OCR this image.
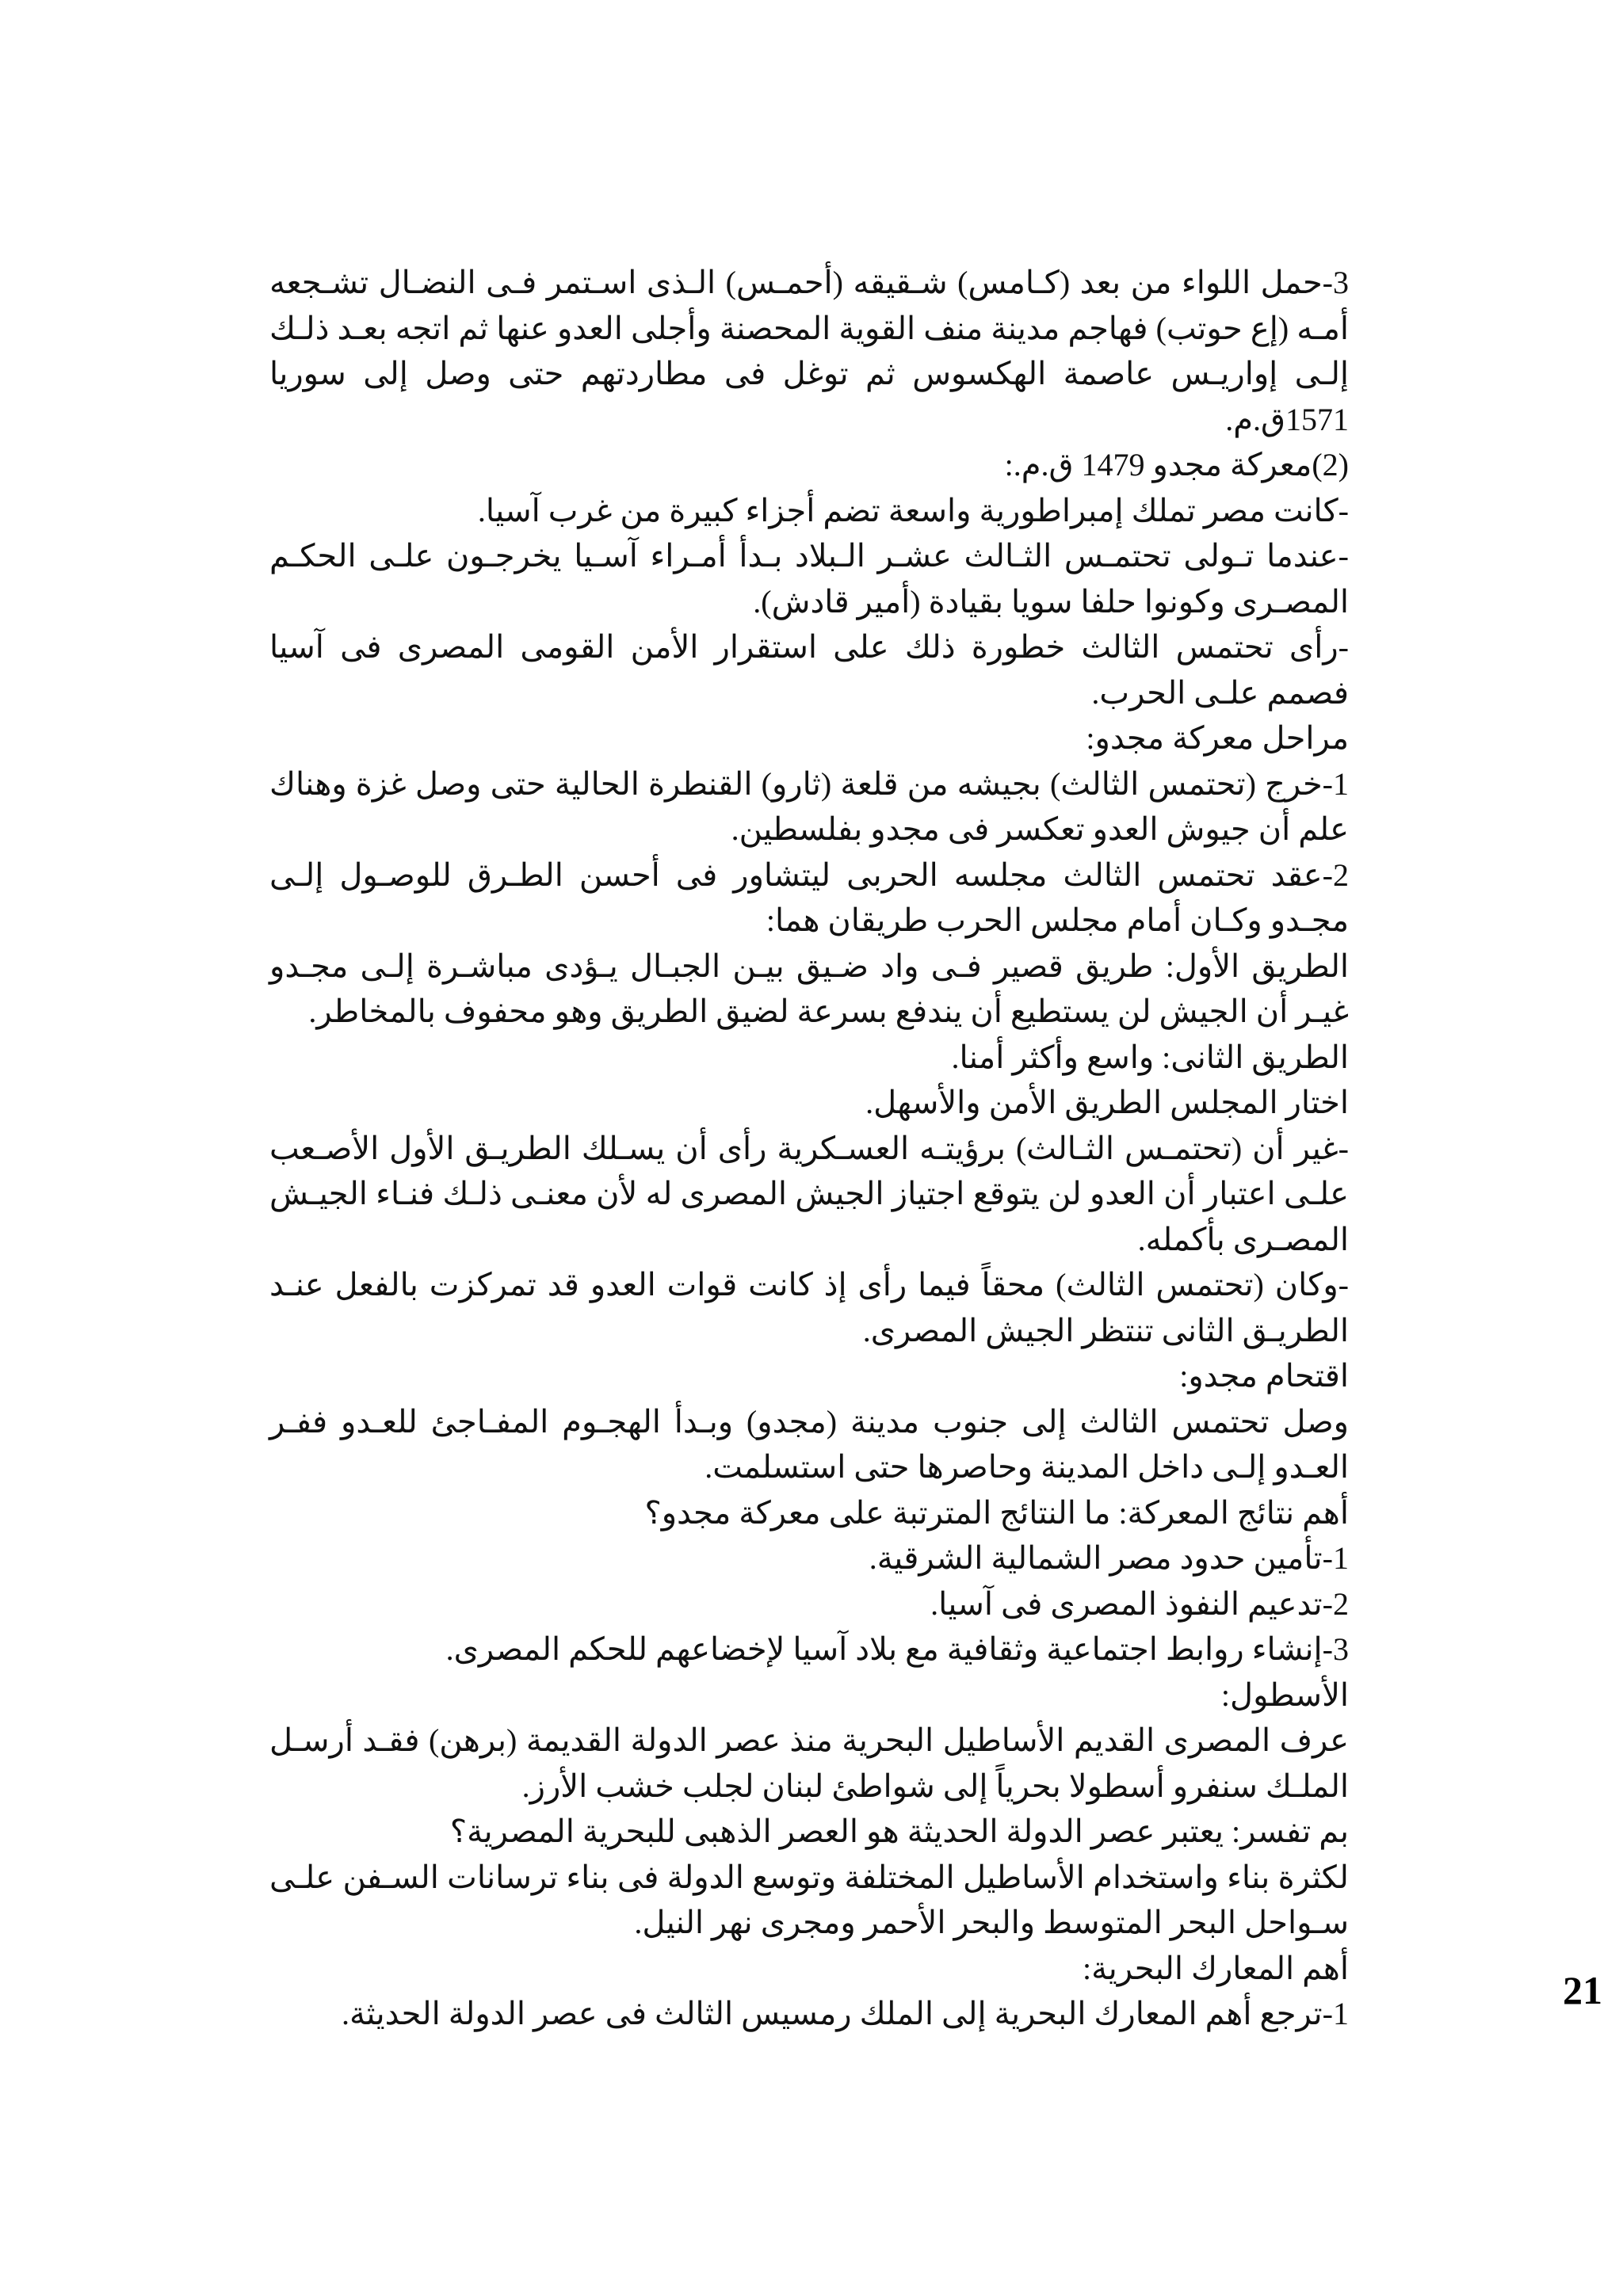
3-حمل اللواء من بعد (كـامس) شـقيقه (أحمـس) الـذى اسـتمر فـى النضـال تشـجعه أمـه (إع حوتب) فهاجم مدينة منف القوية المحصنة وأجلى العدو عنها ثم اتجه بعـد ذلـك إلـى إواريـس عاصمة الهكسوس ثم توغل فى مطاردتهم حتى وصل إلى سوريا 1571ق.م.

(2)معركة مجدو 1479 ق.م.:

-كانت مصر تملك إمبراطورية واسعة تضم أجزاء كبيرة من غرب آسيا.

-عندما تـولى تحتمـس الثـالث عشـر الـبلاد بـدأ أمـراء آسـيا يخرجـون علـى الحكـم المصـرى وكونوا حلفا سويا بقيادة (أمير قادش).

-رأى تحتمس الثالث خطورة ذلك على استقرار الأمن القومى المصرى فى آسيا فصمم علـى الحرب.

مراحل معركة مجدو:

1-خرج (تحتمس الثالث) بجيشه من قلعة (ثارو) القنطرة الحالية حتى وصل غزة وهناك علم أن جيوش العدو تعكسر فى مجدو بفلسطين.

2-عقد تحتمس الثالث مجلسه الحربى ليتشاور فى أحسن الطـرق للوصـول إلـى مجـدو وكـان أمام مجلس الحرب طريقان هما:

الطريق الأول: طريق قصير فـى واد ضـيق بيـن الجبـال يـؤدى مباشـرة إلـى مجـدو غيـر أن الجيش لن يستطيع أن يندفع بسرعة لضيق الطريق وهو محفوف بالمخاطر.

الطريق الثانى: واسع وأكثر أمنا.

اختار المجلس الطريق الأمن والأسهل.

-غير أن (تحتمـس الثـالث) برؤيتـه العسـكرية رأى أن يسـلك الطريـق الأول الأصـعب علـى اعتبار أن العدو لن يتوقع اجتياز الجيش المصرى له لأن معنـى ذلـك فنـاء الجيـش المصـرى بأكمله.

-وكان (تحتمس الثالث) محقاً فيما رأى إذ كانت قوات العدو قد تمركزت بالفعل عنـد الطريـق الثانى تنتظر الجيش المصرى.

اقتحام مجدو:

وصل تحتمس الثالث إلى جنوب مدينة (مجدو) وبـدأ الهجـوم المفـاجئ للعـدو ففـر العـدو إلـى داخل المدينة وحاصرها حتى استسلمت.

أهم نتائج المعركة: ما النتائج المترتبة على معركة مجدو؟

1-تأمين حدود مصر الشمالية الشرقية.

2-تدعيم النفوذ المصرى فى آسيا.

3-إنشاء روابط اجتماعية وثقافية مع بلاد آسيا لإخضاعهم للحكم المصرى.

الأسطول:

عرف المصرى القديم الأساطيل البحرية منذ عصر الدولة القديمة (برهن) فقـد أرسـل الملـك سنفرو أسطولا بحرياً إلى شواطئ لبنان لجلب خشب الأرز.

بم تفسر: يعتبر عصر الدولة الحديثة هو العصر الذهبى للبحرية المصرية؟

لكثرة بناء واستخدام الأساطيل المختلفة وتوسع الدولة فى بناء ترسانات السـفن علـى سـواحل البحر المتوسط والبحر الأحمر ومجرى نهر النيل.

أهم المعارك البحرية:

1-ترجع أهم المعارك البحرية إلى الملك رمسيس الثالث فى عصر الدولة الحديثة.

21
